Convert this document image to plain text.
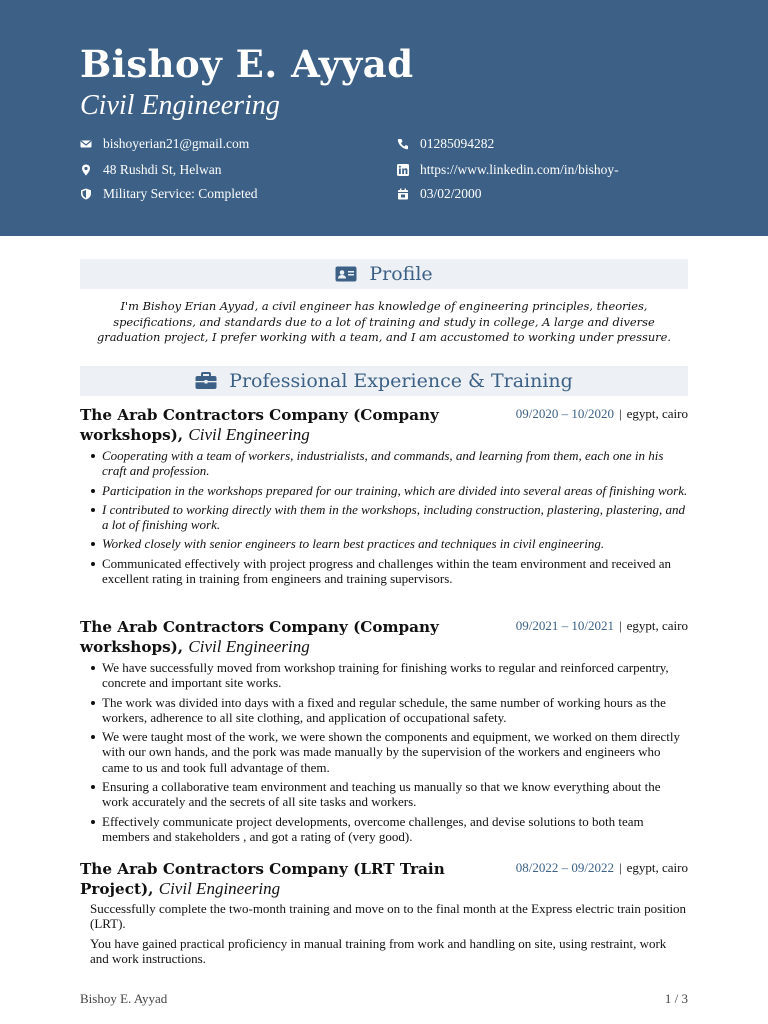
Bishoy E. Ayyad
Civil Engineering
bishoyerian21@gmail.com	01285094282
48 Rushdi St, Helwan	https://www.linkedin.com/in/bishoy-
Military Service: Completed	03/02/2000
Profile
I'm Bishoy Erian Ayyad, a civil engineer has knowledge of engineering principles, theories, specifications, and standards due to a lot of training and study in college, A large and diverse graduation project, I prefer working with a team, and I am accustomed to working under pressure.
Professional Experience & Training
The Arab Contractors Company (Company workshops), Civil Engineering
09/2020 – 10/2020 | egypt, cairo
Cooperating with a team of workers, industrialists, and commands, and learning from them, each one in his craft and profession.
Participation in the workshops prepared for our training, which are divided into several areas of finishing work.
I contributed to working directly with them in the workshops, including construction, plastering, plastering, and a lot of finishing work.
Worked closely with senior engineers to learn best practices and techniques in civil engineering.
Communicated effectively with project progress and challenges within the team environment and received an excellent rating in training from engineers and training supervisors.
The Arab Contractors Company (Company workshops), Civil Engineering
09/2021 – 10/2021 | egypt, cairo
We have successfully moved from workshop training for finishing works to regular and reinforced carpentry, concrete and important site works.
The work was divided into days with a fixed and regular schedule, the same number of working hours as the workers, adherence to all site clothing, and application of occupational safety.
We were taught most of the work, we were shown the components and equipment, we worked on them directly with our own hands, and the pork was made manually by the supervision of the workers and engineers who came to us and took full advantage of them.
Ensuring a collaborative team environment and teaching us manually so that we know everything about the work accurately and the secrets of all site tasks and workers.
Effectively communicate project developments, overcome challenges, and devise solutions to both team members and stakeholders , and got a rating of (very good).
The Arab Contractors Company (LRT Train Project), Civil Engineering
08/2022 – 09/2022 | egypt, cairo

Successfully complete the two-month training and move on to the final month at the Express electric train position (LRT).

You have gained practical proficiency in manual training from work and handling on site, using restraint, work and work instructions.

Bishoy E. Ayyad	1 / 3
